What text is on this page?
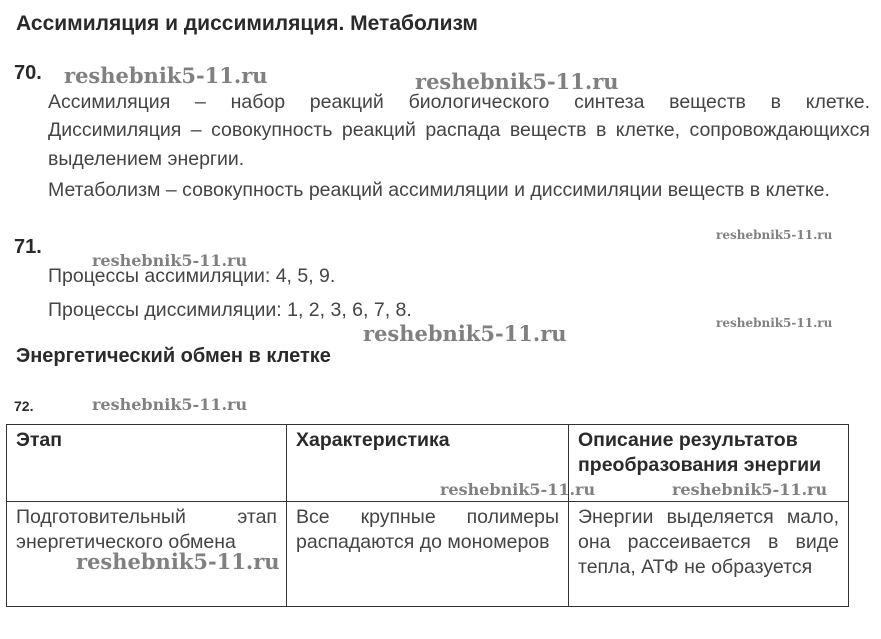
Ассимиляция и диссимиляция. Метаболизм
70.
Ассимиляция – набор реакций биологического синтеза веществ в клетке.
Диссимиляция – совокупность реакций распада веществ в клетке, сопровождающихся выделением энергии.
Метаболизм – совокупность реакций ассимиляции и диссимиляции веществ в клетке.
71.
Процессы ассимиляции: 4, 5, 9.
Процессы диссимиляции: 1, 2, 3, 6, 7, 8.
Энергетический обмен в клетке
72.
Этап	Характеристика	Описание результатов преобразования энергии
Подготовительный этап энергетического обмена	Все крупные полимеры распадаются до мономеров	Энергии выделяется мало, она рассеивается в виде тепла, АТФ не образуется
reshebnik5-11.ru	reshebnik5-11.ru
reshebnik5-11.ru
reshebnik5-11.ru
reshebnik5-11.ru
reshebnik5-11.ru
reshebnik5-11.ru
reshebnik5-11.ru	reshebnik5-11.ru
reshebnik5-11.ru
